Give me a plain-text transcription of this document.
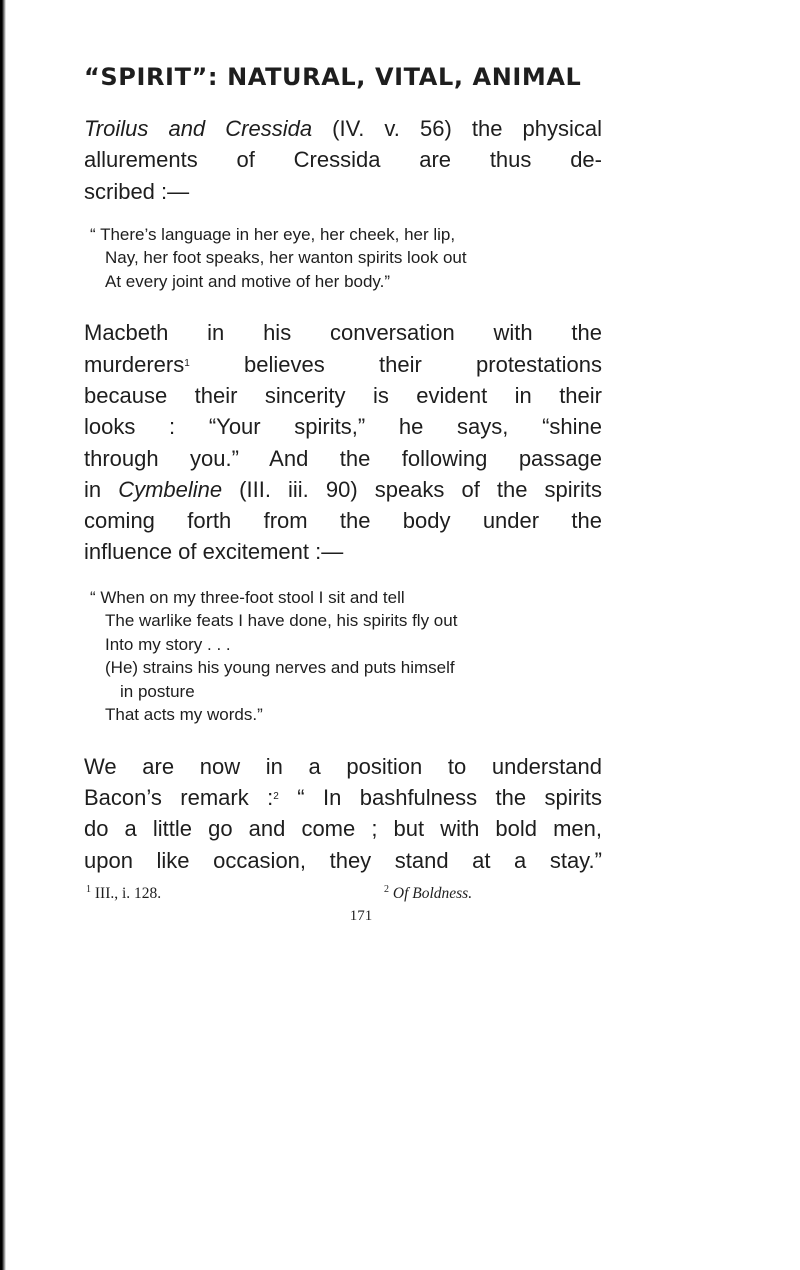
“SPIRIT”: NATURAL, VITAL, ANIMAL

Troilus and Cressida (IV. v. 56) the physical
allurements of Cressida are thus de-
scribed :—

“ There’s language in her eye, her cheek, her lip,
Nay, her foot speaks, her wanton spirits look out
At every joint and motive of her body.”

Macbeth in his conversation with the
murderers$^1$ believes their protestations
because their sincerity is evident in their
looks : “Your spirits,” he says, “shine
through you.” And the following passage
in Cymbeline (III. iii. 90) speaks of the spirits
coming forth from the body under the
influence of excitement :—

“ When on my three-foot stool I sit and tell
The warlike feats I have done, his spirits fly out
Into my story . . .
(He) strains his young nerves and puts himself
in posture
That acts my words.”

We are now in a position to understand
Bacon’s remark :$^2$ “ In bashfulness the spirits
do a little go and come ; but with bold men,
upon like occasion, they stand at a stay.”

$^1$ III., i. 128.	$^2$ Of Boldness.

171
